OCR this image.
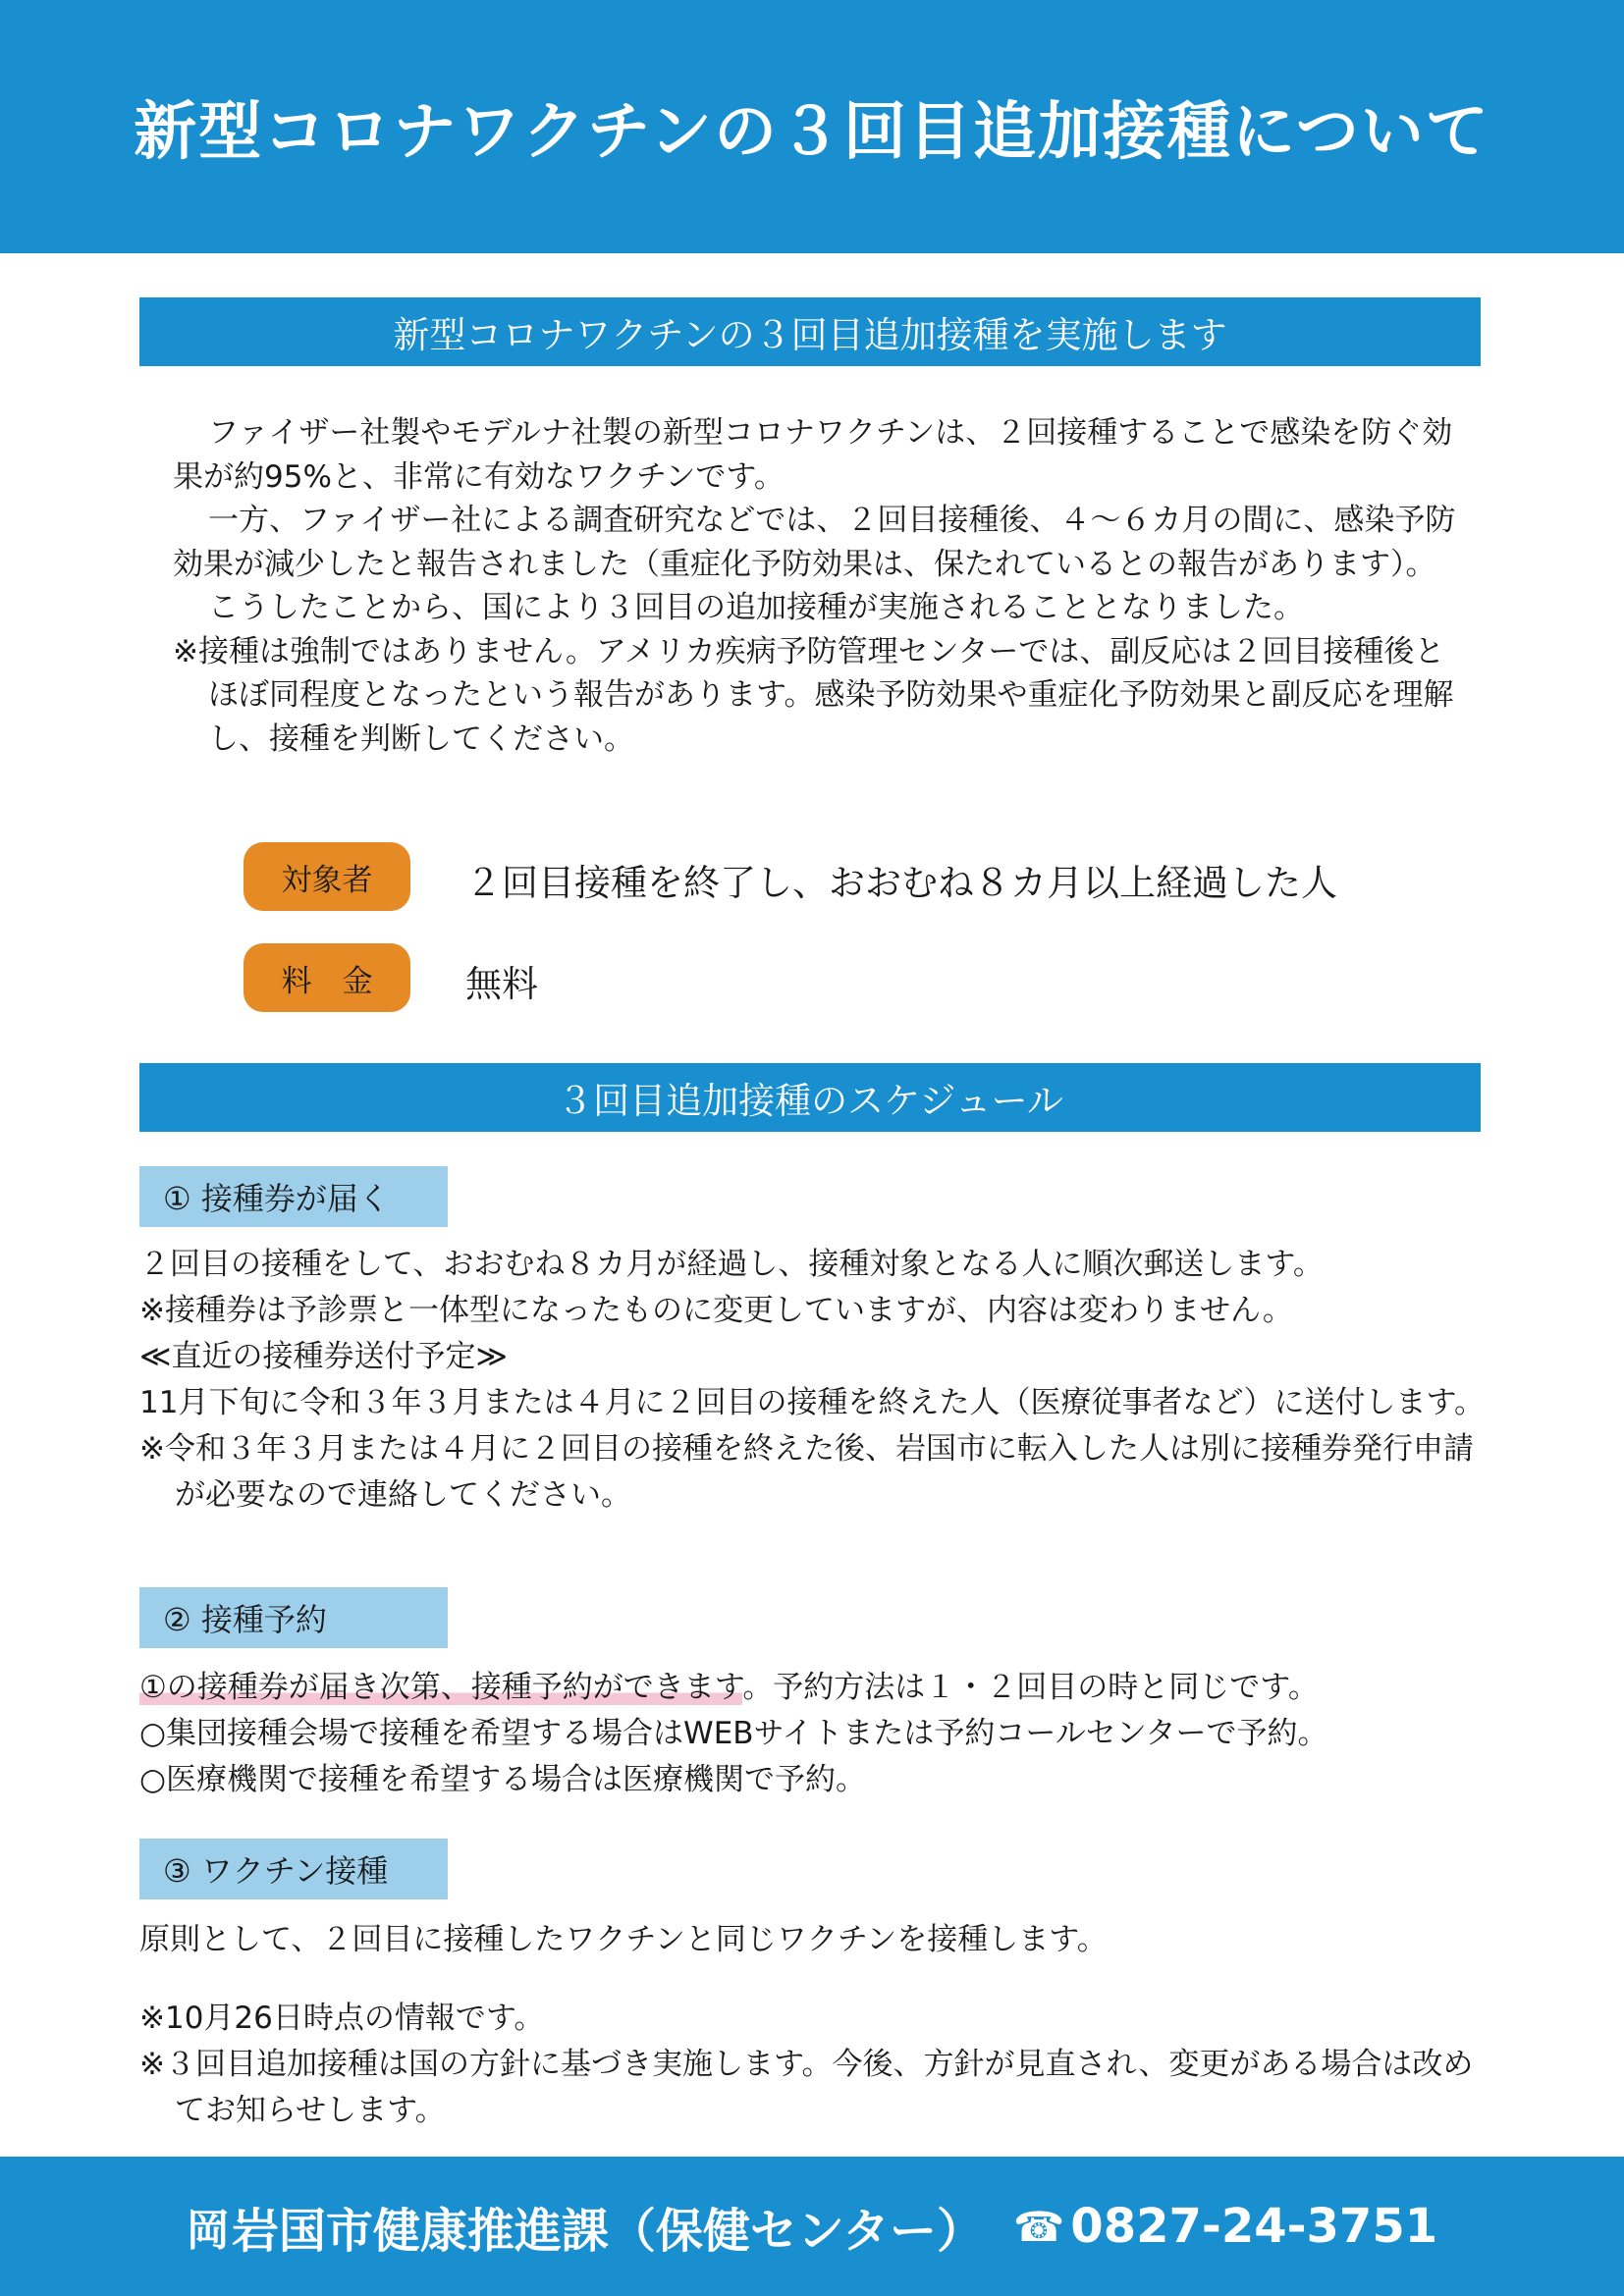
新型コロナワクチンの３回目追加接種について
新型コロナワクチンの３回目追加接種を実施します

ファイザー社製やモデルナ社製の新型コロナワクチンは、２回接種することで感染を防ぐ効果が約95%と、非常に有効なワクチンです。

一方、ファイザー社による調査研究などでは、２回目接種後、４～６カ月の間に、感染予防効果が減少したと報告されました（重症化予防効果は、保たれているとの報告があります）。

こうしたことから、国により３回目の追加接種が実施されることとなりました。

※接種は強制ではありません。アメリカ疾病予防管理センターでは、副反応は２回目接種後とほぼ同程度となったという報告があります。感染予防効果や重症化予防効果と副反応を理解し、接種を判断してください。

対象者	２回目接種を終了し、おおむね８カ月以上経過した人
料　金	無料
３回目追加接種のスケジュール
① 接種券が届く

２回目の接種をして、おおむね８カ月が経過し、接種対象となる人に順次郵送します。

※接種券は予診票と一体型になったものに変更していますが、内容は変わりません。

≪直近の接種券送付予定≫

11月下旬に令和３年３月または４月に２回目の接種を終えた人（医療従事者など）に送付します。

※令和３年３月または４月に２回目の接種を終えた後、岩国市に転入した人は別に接種券発行申請が必要なので連絡してください。

② 接種予約

①の接種券が届き次第、接種予約ができます。予約方法は１・２回目の時と同じです。

○集団接種会場で接種を希望する場合はWEBサイトまたは予約コールセンターで予約。

○医療機関で接種を希望する場合は医療機関で予約。

③ ワクチン接種

原則として、２回目に接種したワクチンと同じワクチンを接種します。

※10月26日時点の情報です。

※３回目追加接種は国の方針に基づき実施します。今後、方針が見直され、変更がある場合は改めてお知らせします。

岡 岩国市健康推進課（保健センター） ☎ 0827-24-3751
